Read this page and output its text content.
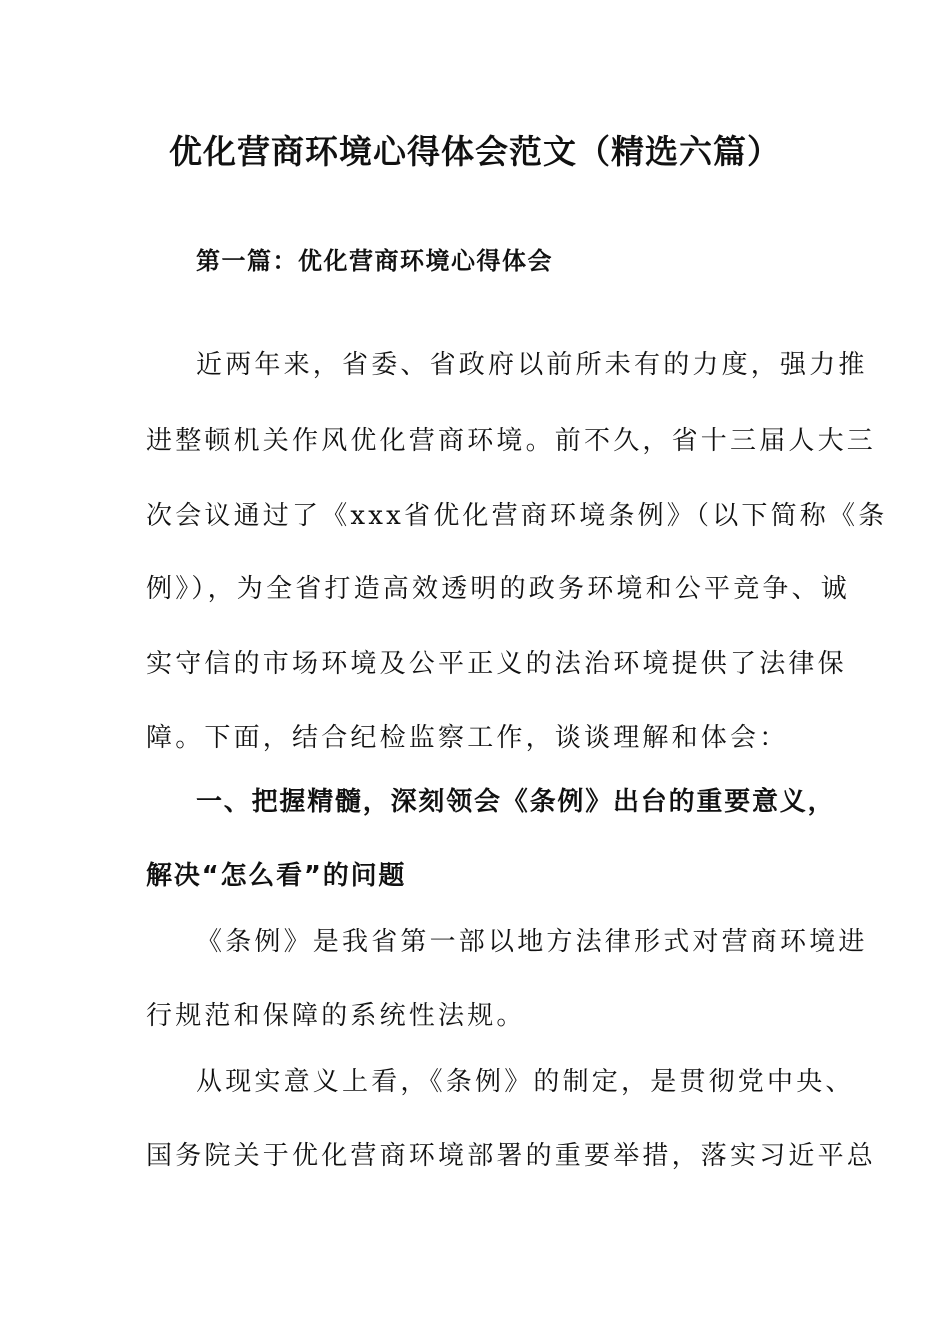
优化营商环境心得体会范文（精选六篇）
第一篇：优化营商环境心得体会
近两年来，省委、省政府以前所未有的力度，强力推
进整顿机关作风优化营商环境。前不久，省十三届人大三
次会议通过了《xxx省优化营商环境条例》（以下简称《条
例》），为全省打造高效透明的政务环境和公平竞争、诚
实守信的市场环境及公平正义的法治环境提供了法律保
障。下面，结合纪检监察工作，谈谈理解和体会：
一、把握精髓，深刻领会《条例》出台的重要意义，
解决“怎么看”的问题
《条例》是我省第一部以地方法律形式对营商环境进
行规范和保障的系统性法规。
从现实意义上看，《条例》的制定，是贯彻党中央、
国务院关于优化营商环境部署的重要举措，落实习近平总
